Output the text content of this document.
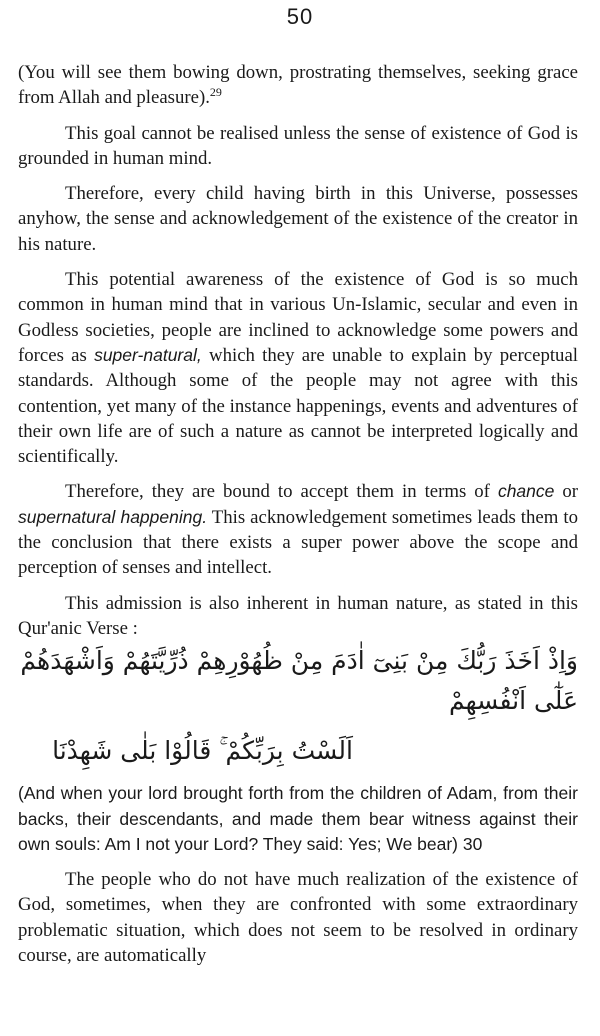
50

(You will see them bowing down, prostrating themselves, seeking grace from Allah and pleasure).$^{29}$

This goal cannot be realised unless the sense of existence of God is grounded in human mind.

Therefore, every child having birth in this Universe, possesses anyhow, the sense and acknowledgement of the existence of the creator in his nature.

This potential awareness of the existence of God is so much common in human mind that in various Un-Islamic, secular and even in Godless societies, people are inclined to acknowledge some powers and forces as super-natural, which they are unable to explain by perceptual standards. Although some of the people may not agree with this contention, yet many of the instance happenings, events and adventures of their own life are of such a nature as cannot be interpreted logically and scientifically.

Therefore, they are bound to accept them in terms of chance or supernatural happening. This acknowledgement sometimes leads them to the conclusion that there exists a super power above the scope and perception of senses and intellect.

This admission is also inherent in human nature, as stated in this Qur'anic Verse :

وَاِذْ اَخَذَ رَبُّكَ مِنْ بَنِىٓ اٰدَمَ مِنْ ظُهُوْرِهِمْ ذُرِّيَّتَهُمْ وَاَشْهَدَهُمْ عَلٰٓى اَنْفُسِهِمْ

اَلَسْتُ بِرَبِّكُمْ ۚ قَالُوْا بَلٰى شَهِدْنَا

(And when your lord brought forth from the children of Adam, from their backs, their descendants, and made them bear witness against their own souls: Am I not your Lord? They said: Yes; We bear) 30

The people who do not have much realization of the existence of God, sometimes, when they are confronted with some extraordinary problematic situation, which does not seem to be resolved in ordinary course, are automatically
